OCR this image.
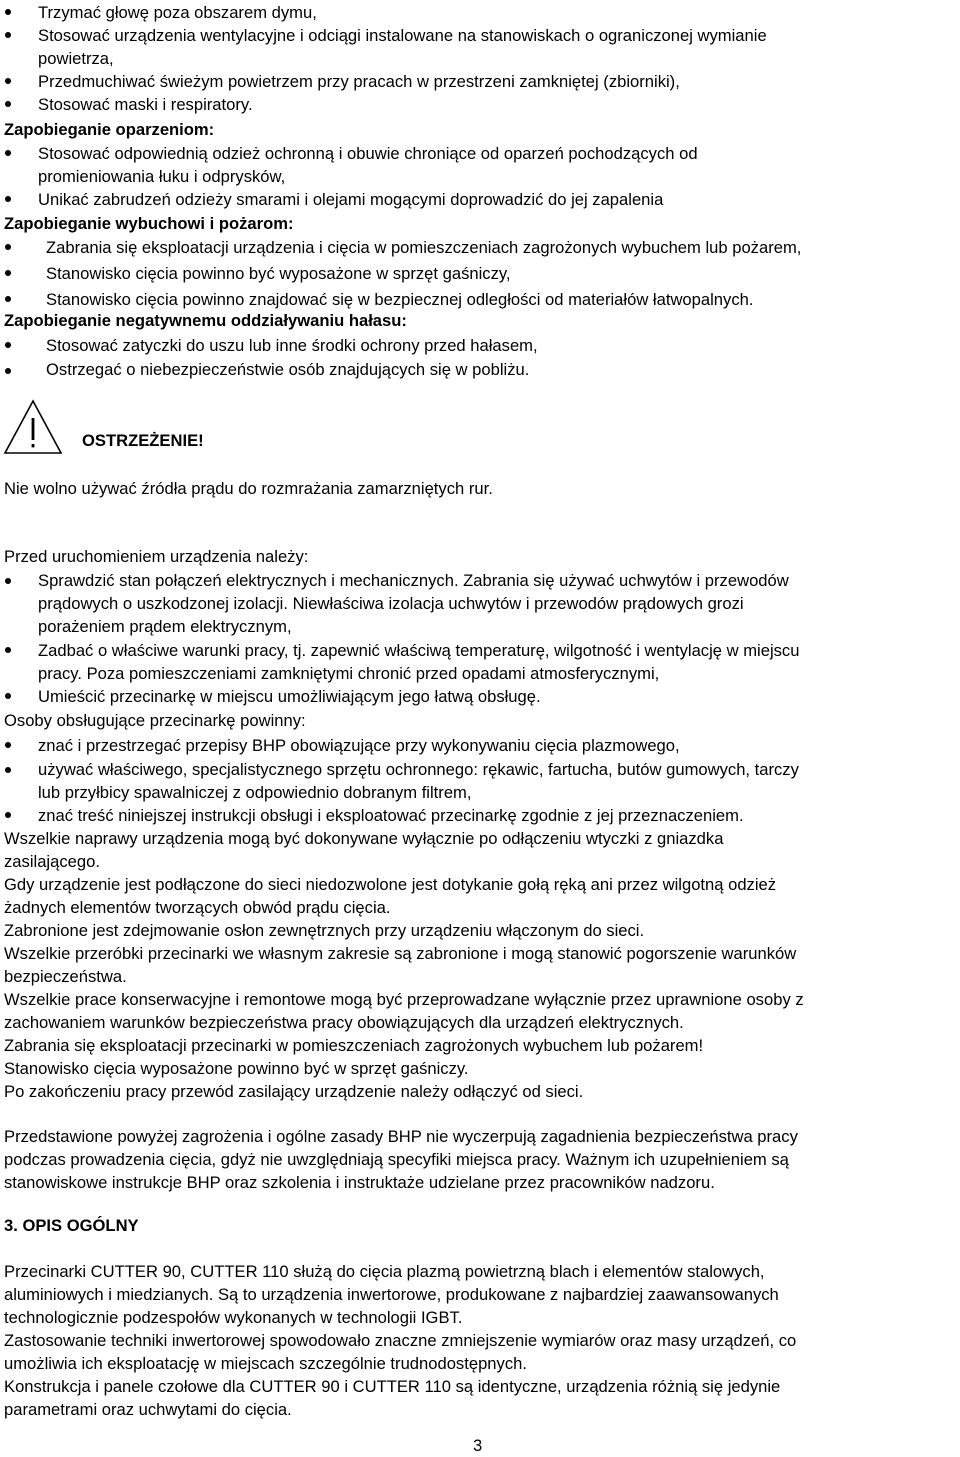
Trzymać głowę poza obszarem dymu,
Stosować urządzenia wentylacyjne i odciągi instalowane na stanowiskach o ograniczonej wymianie
powietrza,
Przedmuchiwać świeżym powietrzem przy pracach w przestrzeni zamkniętej (zbiorniki),
Stosować maski i respiratory.
Zapobieganie oparzeniom:
Stosować odpowiednią odzież ochronną i obuwie chroniące od oparzeń pochodzących od
promieniowania łuku i odprysków,
Unikać zabrudzeń odzieży smarami i olejami mogącymi doprowadzić do jej zapalenia
Zapobieganie wybuchowi i pożarom:
Zabrania się eksploatacji urządzenia i cięcia w pomieszczeniach zagrożonych wybuchem lub pożarem,
Stanowisko cięcia powinno być wyposażone w sprzęt gaśniczy,
Stanowisko cięcia powinno znajdować się w bezpiecznej odległości od materiałów łatwopalnych.
Zapobieganie negatywnemu oddziaływaniu hałasu:
Stosować zatyczki do uszu lub inne środki ochrony przed hałasem,
Ostrzegać o niebezpieczeństwie osób znajdujących się w pobliżu.
OSTRZEŻENIE!
Nie wolno używać źródła prądu do rozmrażania zamarzniętych rur.
Przed uruchomieniem urządzenia należy:
Sprawdzić stan połączeń elektrycznych i mechanicznych. Zabrania się używać uchwytów i przewodów
prądowych o uszkodzonej izolacji. Niewłaściwa izolacja uchwytów i przewodów prądowych grozi
porażeniem prądem elektrycznym,
Zadbać o właściwe warunki pracy, tj. zapewnić właściwą temperaturę, wilgotność i wentylację w miejscu
pracy. Poza pomieszczeniami zamkniętymi chronić przed opadami atmosferycznymi,
Umieścić przecinarkę w miejscu umożliwiającym jego łatwą obsługę.
Osoby obsługujące przecinarkę powinny:
znać i przestrzegać przepisy BHP obowiązujące przy wykonywaniu cięcia plazmowego,
używać właściwego, specjalistycznego sprzętu ochronnego: rękawic, fartucha, butów gumowych, tarczy
lub przyłbicy spawalniczej z odpowiednio dobranym filtrem,
znać treść niniejszej instrukcji obsługi i eksploatować przecinarkę zgodnie z jej przeznaczeniem.
Wszelkie naprawy urządzenia mogą być dokonywane wyłącznie po odłączeniu wtyczki z gniazdka
zasilającego.
Gdy urządzenie jest podłączone do sieci niedozwolone jest dotykanie gołą ręką ani przez wilgotną odzież
żadnych elementów tworzących obwód prądu cięcia.
Zabronione jest zdejmowanie osłon zewnętrznych przy urządzeniu włączonym do sieci.
Wszelkie przeróbki przecinarki we własnym zakresie są zabronione i mogą stanowić pogorszenie warunków
bezpieczeństwa.
Wszelkie prace konserwacyjne i remontowe mogą być przeprowadzane wyłącznie przez uprawnione osoby z
zachowaniem warunków bezpieczeństwa pracy obowiązujących dla urządzeń elektrycznych.
Zabrania się eksploatacji przecinarki w pomieszczeniach zagrożonych wybuchem lub pożarem!
Stanowisko cięcia wyposażone powinno być w sprzęt gaśniczy.
Po zakończeniu pracy przewód zasilający urządzenie należy odłączyć od sieci.
Przedstawione powyżej zagrożenia i ogólne zasady BHP nie wyczerpują zagadnienia bezpieczeństwa pracy
podczas prowadzenia cięcia, gdyż nie uwzględniają specyfiki miejsca pracy. Ważnym ich uzupełnieniem są
stanowiskowe instrukcje BHP oraz szkolenia i instruktaże udzielane przez pracowników nadzoru.
3. OPIS OGÓLNY
Przecinarki CUTTER 90, CUTTER 110 służą do cięcia plazmą powietrzną blach i elementów stalowych,
aluminiowych i miedzianych. Są to urządzenia inwertorowe, produkowane z najbardziej zaawansowanych
technologicznie podzespołów wykonanych w technologii IGBT.
Zastosowanie techniki inwertorowej spowodowało znaczne zmniejszenie wymiarów oraz masy urządzeń, co
umożliwia ich eksploatację w miejscach szczególnie trudnodostępnych.
Konstrukcja i panele czołowe dla CUTTER 90 i CUTTER 110 są identyczne, urządzenia różnią się jedynie
parametrami oraz uchwytami do cięcia.
3
